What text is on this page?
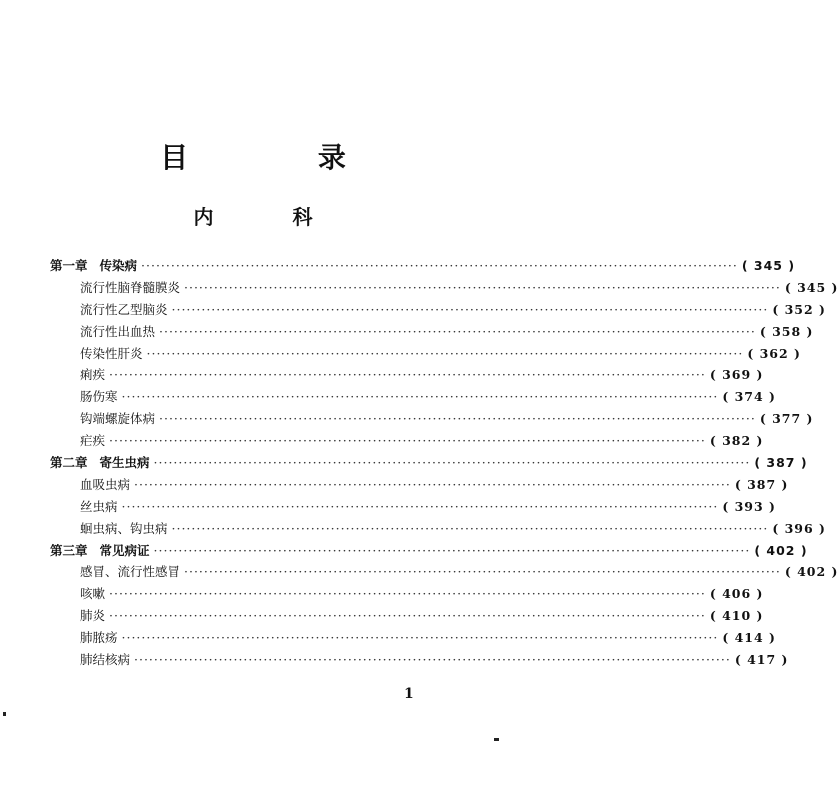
目 录
内 科
第一章 传染病 ························································································································ ( 345 )
流行性脑脊髓膜炎 ························································································································ ( 345 )
流行性乙型脑炎 ························································································································ ( 352 )
流行性出血热 ························································································································ ( 358 )
传染性肝炎 ························································································································ ( 362 )
痢疾 ························································································································ ( 369 )
肠伤寒 ························································································································ ( 374 )
钩端螺旋体病 ························································································································ ( 377 )
疟疾 ························································································································ ( 382 )
第二章 寄生虫病 ························································································································ ( 387 )
血吸虫病 ························································································································ ( 387 )
丝虫病 ························································································································ ( 393 )
蛔虫病、钩虫病 ························································································································ ( 396 )
第三章 常见病证 ························································································································ ( 402 )
感冒、流行性感冒 ························································································································ ( 402 )
咳嗽 ························································································································ ( 406 )
肺炎 ························································································································ ( 410 )
肺脓疡 ························································································································ ( 414 )
肺结核病 ························································································································ ( 417 )
1
